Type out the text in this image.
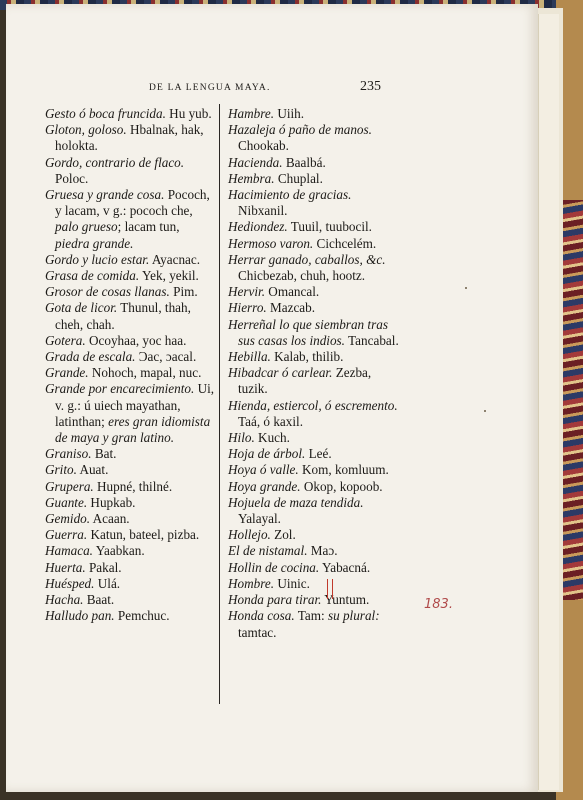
DE LA LENGUA MAYA.	235

Gesto ó boca fruncida. Hu yub.

Gloton, goloso. Hbalnak, hak, holokta.

Gordo, contrario de flaco. Poloc.

Gruesa y grande cosa. Pococh, y lacam, v g.: pococh che, palo grueso; lacam tun, piedra grande.

Gordo y lucio estar. Ayacnac.

Grasa de comida. Yek, yekil.

Grosor de cosas llanas. Pim.

Gota de licor. Thunul, thah, cheh, chah.

Gotera. Ocoyhaa, yoc haa.

Grada de escala. Ɔac, ɔacal.

Grande. Nohoch, mapal, nuc.

Grande por encarecimiento. Ui, v. g.: ú uiech mayathan, latinthan; eres gran idiomista de maya y gran latino.

Graniso. Bat.

Grito. Auat.

Grupera. Hupné, thilné.

Guante. Hupkab.

Gemido. Acaan.

Guerra. Katun, bateel, pizba.

Hamaca. Yaabkan.

Huerta. Pakal.

Huésped. Ulá.

Hacha. Baat.

Halludo pan. Pemchuc.

Hambre. Uiih.

Hazaleja ó paño de manos. Chookab.

Hacienda. Baalbá.

Hembra. Chuplal.

Hacimiento de gracias. Nibxanil.

Hediondez. Tuuil, tuubocil.

Hermoso varon. Cichcelém.

Herrar ganado, caballos, &c. Chicbezab, chuh, hootz.

Hervir. Omancal.

Hierro. Mazcab.

Herreñal lo que siembran tras sus casas los indios. Tancabal.

Hebilla. Kalab, thilib.

Hibadcar ó carlear. Zezba, tuzik.

Hienda, estiercol, ó escremento. Taá, ó kaxil.

Hilo. Kuch.

Hoja de árbol. Leé.

Hoya ó valle. Kom, komluum.

Hoya grande. Okop, kopoob.

Hojuela de maza tendida. Yalayal.

Hollejo. Zol.

El de nistamal. Maɔ.

Hollin de cocina. Yabacná.

Hombre. Uinic.

Honda para tirar. Yuntum.

Honda cosa. Tam: su plural: tamtac.

183.
